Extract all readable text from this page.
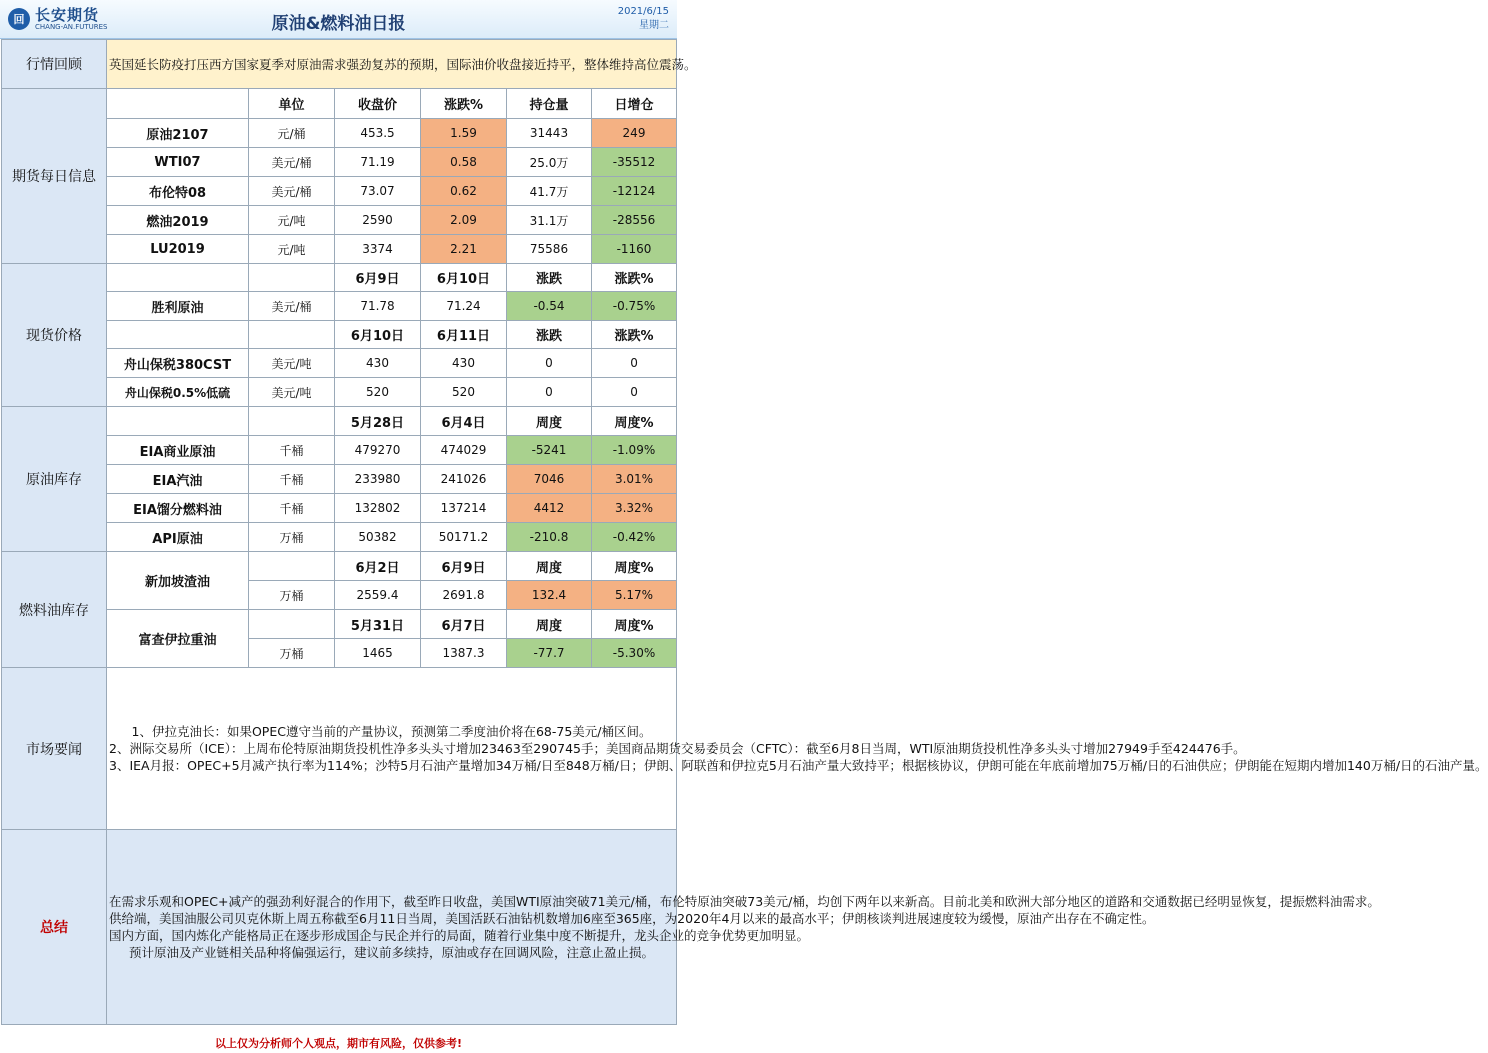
回 长安期货
CHANG-AN.FUTURES	原油&燃料油日报
2021/6/15
星期二
行情回顾	英国延长防疫打压西方国家夏季对原油需求强劲复苏的预期，国际油价收盘接近持平，整体维持高位震荡。					
期货每日信息		单位	收盘价	涨跌%	持仓量	日增仓
	原油2107	元/桶	453.5	1.59	31443	249
	WTI07	美元/桶	71.19	0.58	25.0万	-35512
	布伦特08	美元/桶	73.07	0.62	41.7万	-12124
	燃油2019	元/吨	2590	2.09	31.1万	-28556
	LU2019	元/吨	3374	2.21	75586	-1160
现货价格			6月9日	6月10日	涨跌	涨跌%
	胜利原油	美元/桶	71.78	71.24	-0.54	-0.75%
			6月10日	6月11日	涨跌	涨跌%
	舟山保税380CST	美元/吨	430	430	0	0
	舟山保税0.5%低硫	美元/吨	520	520	0	0
原油库存			5月28日	6月4日	周度	周度%
	EIA商业原油	千桶	479270	474029	-5241	-1.09%
	EIA汽油	千桶	233980	241026	7046	3.01%
	EIA馏分燃料油	千桶	132802	137214	4412	3.32%
	API原油	万桶	50382	50171.2	-210.8	-0.42%
燃料油库存	新加坡渣油		6月2日	6月9日	周度	周度%
		万桶	2559.4	2691.8	132.4	5.17%
	富查伊拉重油		5月31日	6月7日	周度	周度%
		万桶	1465	1387.3	-77.7	-5.30%
市场要闻	1、伊拉克油长：如果OPEC遵守当前的产量协议，预测第二季度油价将在68-75美元/桶区间。

2、洲际交易所（ICE）：上周布伦特原油期货投机性净多头头寸增加23463至290745手；美国商品期货交易委员会（CFTC）：截至6月8日当周，WTI原油期货投机性净多头头寸增加27949手至424476手。

3、IEA月报：OPEC+5月减产执行率为114%；沙特5月石油产量增加34万桶/日至848万桶/日；伊朗、阿联酋和伊拉克5月石油产量大致持平；根据核协议，伊朗可能在年底前增加75万桶/日的石油供应；伊朗能在短期内增加140万桶/日的石油产量。					

总结	在需求乐观和OPEC+减产的强劲利好混合的作用下，截至昨日收盘，美国WTI原油突破71美元/桶，布伦特原油突破73美元/桶，均创下两年以来新高。目前北美和欧洲大部分地区的道路和交通数据已经明显恢复，提振燃料油需求。

供给端，美国油服公司贝克休斯上周五称截至6月11日当周，美国活跃石油钻机数增加6座至365座，为2020年4月以来的最高水平；伊朗核谈判进展速度较为缓慢，原油产出存在不确定性。

国内方面，国内炼化产能格局正在逐步形成国企与民企并行的局面，随着行业集中度不断提升，龙头企业的竞争优势更加明显。

预计原油及产业链相关品种将偏强运行，建议前多续持，原油或存在回调风险，注意止盈止损。					

以上仅为分析师个人观点，期市有风险，仅供参考!
